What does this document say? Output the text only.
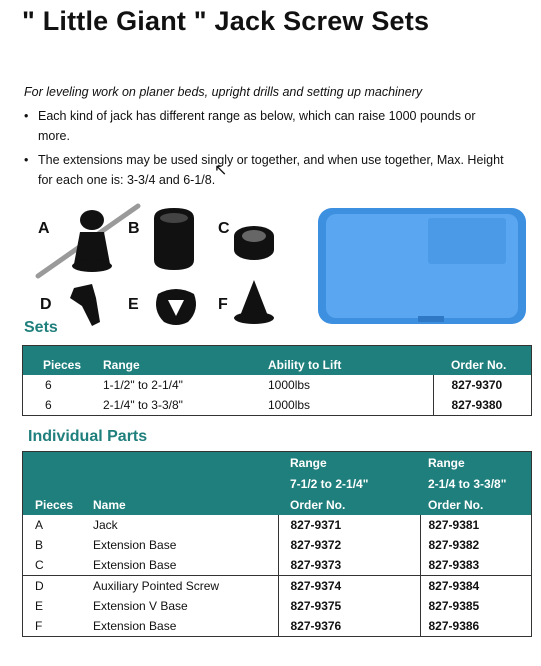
" Little Giant " Jack Screw Sets
For leveling work on planer beds, upright drills and setting up machinery
• Each kind of jack has different range as below, which can raise 1000 pounds or more.
• The extensions may be used singly or together, and when use together, Max. Height for each one is: 3-3/4 and 6-1/8.
↖
A	B	C
D	E	F
Sets
Pieces	Range	Ability to Lift	Order No.
6	1-1/2" to 2-1/4"	1000lbs	827-9370
6	2-1/4" to 3-3/8"	1000lbs	827-9380
Individual Parts
		Range	Range
		7-1/2 to 2-1/4"	2-1/4 to 3-3/8"
Pieces	Name	Order No.	Order No.
A	Jack	827-9371	827-9381
B	Extension Base	827-9372	827-9382
C	Extension Base	827-9373	827-9383
D	Auxiliary Pointed Screw	827-9374	827-9384
E	Extension V Base	827-9375	827-9385
F	Extension Base	827-9376	827-9386
